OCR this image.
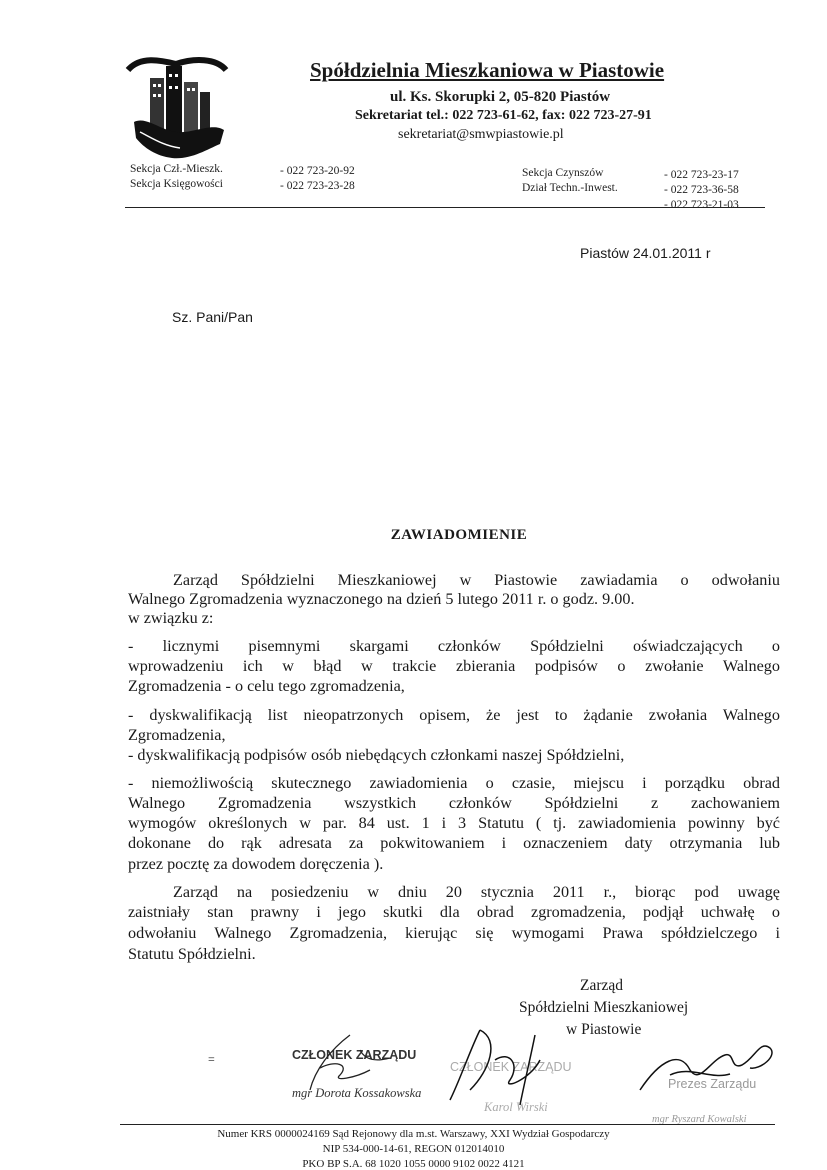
Spółdzielnia Mieszkaniowa w Piastowie
ul. Ks. Skorupki 2, 05-820 Piastów
Sekretariat tel.: 022 723-61-62, fax: 022 723-27-91
sekretariat@smwpiastowie.pl
Sekcja Czł.-Mieszk.	- 022 723-20-92
Sekcja Księgowości	- 022 723-23-28
Sekcja Czynszów	- 022 723-23-17
Dział Techn.-Inwest.	- 022 723-36-58
- 022 723-21-03
Piastów 24.01.2011 r
Sz. Pani/Pan
ZAWIADOMIENIE
Zarząd Spółdzielni Mieszkaniowej w Piastowie zawiadamia o odwołaniu
Walnego Zgromadzenia wyznaczonego na dzień 5 lutego 2011 r. o godz. 9.00.
w związku z:
- licznymi pisemnymi skargami członków Spółdzielni oświadczających o
wprowadzeniu ich w błąd w trakcie zbierania podpisów o zwołanie Walnego
Zgromadzenia - o celu tego zgromadzenia,
- dyskwalifikacją list nieopatrzonych opisem, że jest to żądanie zwołania Walnego
Zgromadzenia,
- dyskwalifikacją podpisów osób niebędących członkami naszej Spółdzielni,
- niemożliwością skutecznego zawiadomienia o czasie, miejscu i porządku obrad
Walnego Zgromadzenia wszystkich członków Spółdzielni z zachowaniem
wymogów określonych w par. 84 ust. 1 i 3 Statutu ( tj. zawiadomienia powinny być
dokonane do rąk adresata za pokwitowaniem i oznaczeniem daty otrzymania lub
przez pocztę za dowodem doręczenia ).
Zarząd na posiedzeniu w dniu 20 stycznia 2011 r., biorąc pod uwagę
zaistniały stan prawny i jego skutki dla obrad zgromadzenia, podjął uchwałę o
odwołaniu Walnego Zgromadzenia, kierując się wymogami Prawa spółdzielczego i
Statutu Spółdzielni.
Zarząd
Spółdzielni Mieszkaniowej
w Piastowie
CZŁONEK ZARZĄDU
mgr Dorota Kossakowska
CZŁONEK ZARZĄDU
Karol Wirski
Prezes Zarządu
mgr Ryszard Kowalski
=
Numer KRS 0000024169 Sąd Rejonowy dla m.st. Warszawy, XXI Wydział Gospodarczy
NIP 534-000-14-61, REGON 012014010
PKO BP S.A. 68 1020 1055 0000 9102 0022 4121
